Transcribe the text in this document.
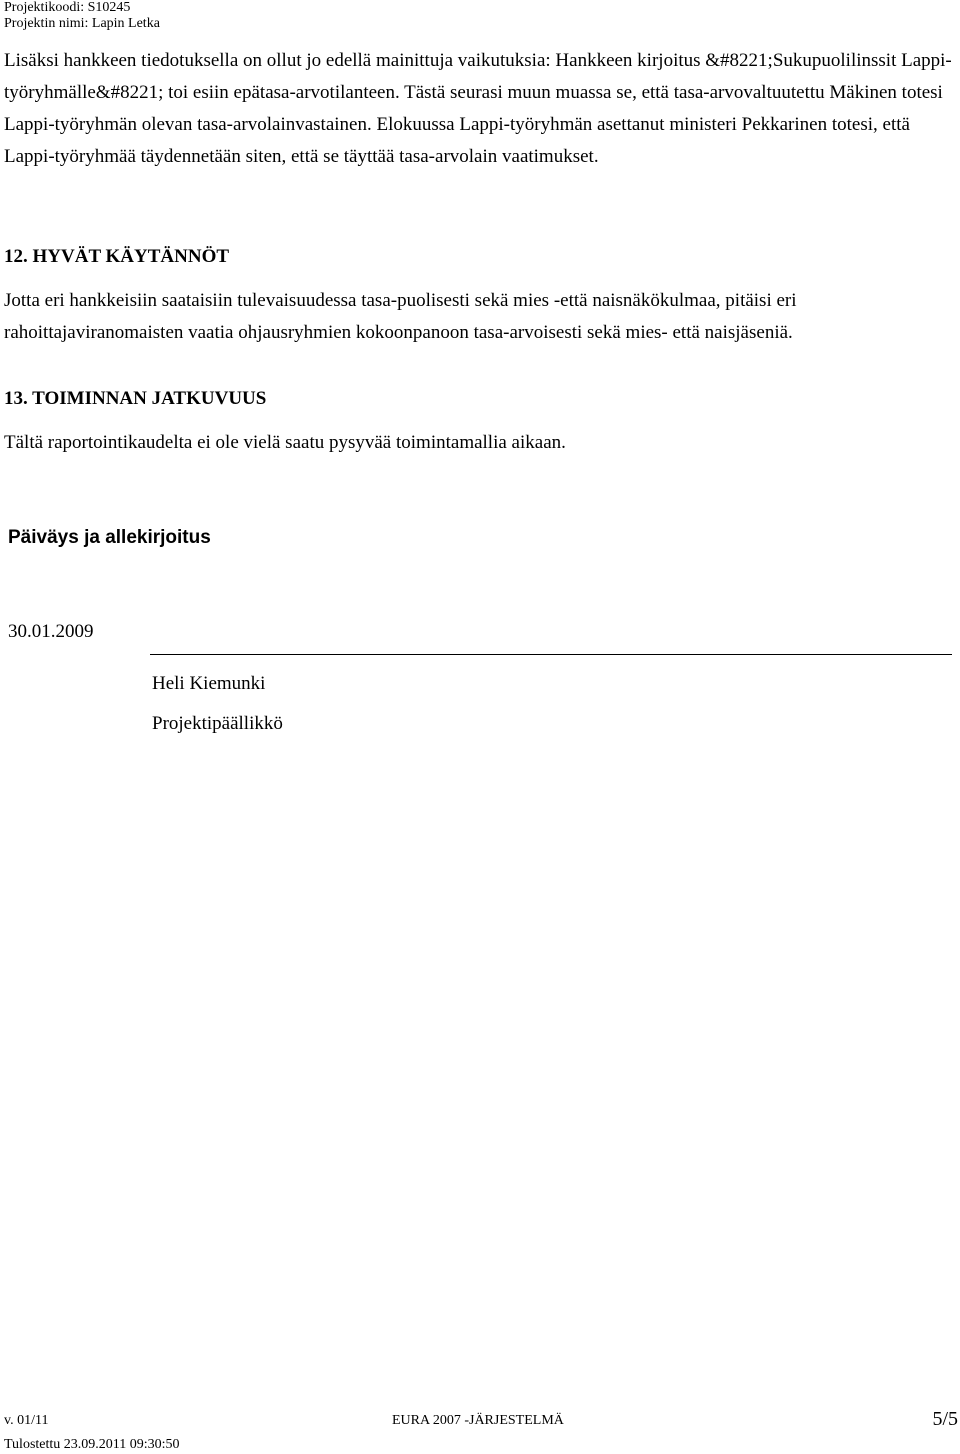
Projektikoodi: S10245
Projektin nimi: Lapin Letka

Lisäksi hankkeen tiedotuksella on ollut jo edellä mainittuja vaikutuksia: Hankkeen kirjoitus &#8221;Sukupuolilinssit Lappi-työryhmälle&#8221; toi esiin epätasa-arvotilanteen. Tästä seurasi muun muassa se, että tasa-arvovaltuutettu Mäkinen totesi Lappi-työryhmän olevan tasa-arvolainvastainen. Elokuussa Lappi-työryhmän asettanut ministeri Pekkarinen totesi, että Lappi-työryhmää täydennetään siten, että se täyttää tasa-arvolain vaatimukset.

12. HYVÄT KÄYTÄNNÖT

Jotta eri hankkeisiin saataisiin tulevaisuudessa tasa-puolisesti sekä mies -että naisnäkökulmaa, pitäisi eri rahoittajaviranomaisten vaatia ohjausryhmien kokoonpanoon tasa-arvoisesti sekä mies- että naisjäseniä.

13. TOIMINNAN JATKUVUUS

Tältä raportointikaudelta ei ole vielä saatu pysyvää toimintamallia aikaan.

Päiväys ja allekirjoitus
30.01.2009
Heli Kiemunki
Projektipäällikkö
v. 01/11	EURA 2007 -JÄRJESTELMÄ	5/5
Tulostettu 23.09.2011 09:30:50
